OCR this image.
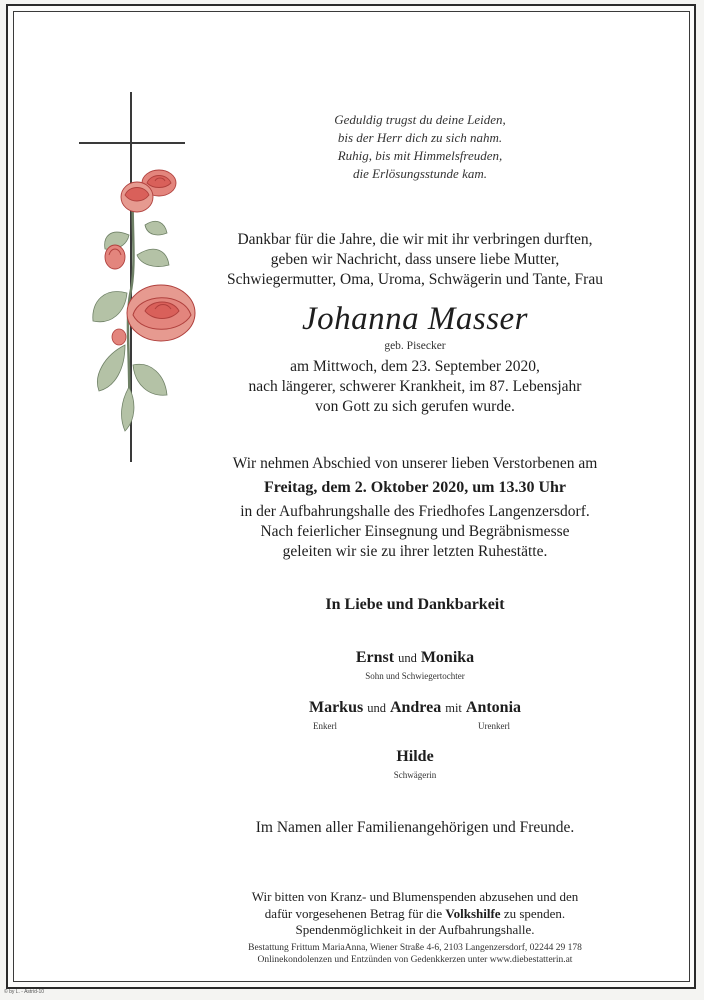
Geduldig trugst du deine Leiden,
bis der Herr dich zu sich nahm.
Ruhig, bis mit Himmelsfreuden,
die Erlösungsstunde kam.
Dankbar für die Jahre, die wir mit ihr verbringen durften,
geben wir Nachricht, dass unsere liebe Mutter,
Schwiegermutter, Oma, Uroma, Schwägerin und Tante, Frau
Johanna Masser
geb. Pisecker
am Mittwoch, dem 23. September 2020,
nach längerer, schwerer Krankheit, im 87. Lebensjahr
von Gott zu sich gerufen wurde.
Wir nehmen Abschied von unserer lieben Verstorbenen am
Freitag, dem 2. Oktober 2020, um 13.30 Uhr
in der Aufbahrungshalle des Friedhofes Langenzersdorf.
Nach feierlicher Einsegnung und Begräbnismesse
geleiten wir sie zu ihrer letzten Ruhestätte.
In Liebe und Dankbarkeit
Ernst und Monika
Sohn und Schwiegertochter
Markus und Andrea mit Antonia
Enkerl	Urenkerl
Hilde
Schwägerin
Im Namen aller Familienangehörigen und Freunde.
Wir bitten von Kranz- und Blumenspenden abzusehen und den
dafür vorgesehenen Betrag für die Volkshilfe zu spenden.
Spendenmöglichkeit in der Aufbahrungshalle.
Bestattung Frittum MariaAnna, Wiener Straße 4-6, 2103 Langenzersdorf, 02244 29 178
Onlinekondolenzen und Entzünden von Gedenkkerzen unter www.diebestatterin.at
© by L. - Astrid-10
